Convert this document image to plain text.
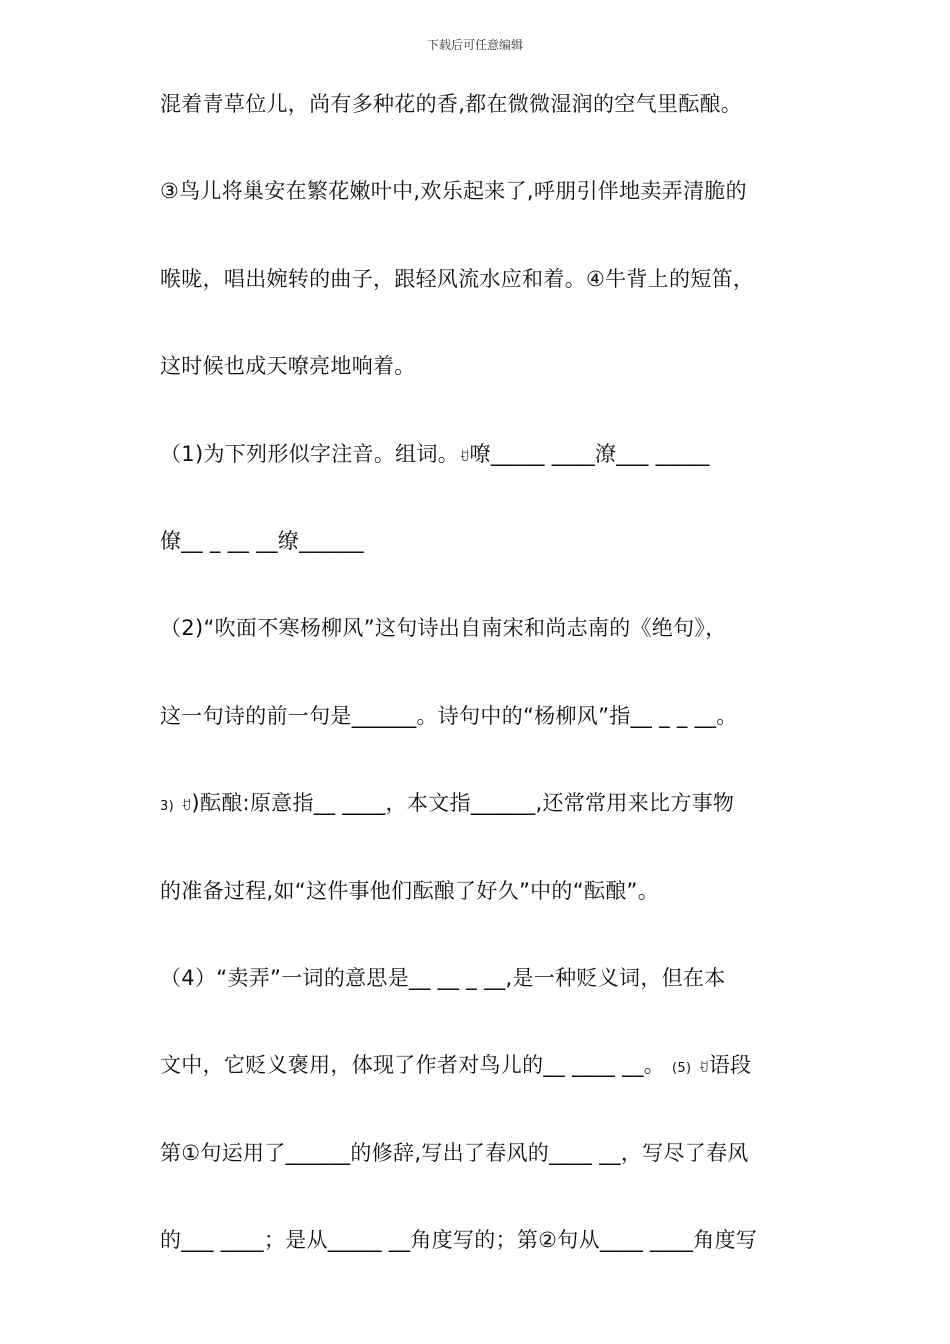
下载后可任意编辑
混着青草位儿，尚有多种花的香,都在微微湿润的空气里酝酿。
③鸟儿将巢安在繁花嫩叶中,欢乐起来了,呼朋引伴地卖弄清脆的
喉咙，唱出婉转的曲子，跟轻风流水应和着。④牛背上的短笛，
这时候也成天嘹亮地响着。
（1)为下列形似字注音。组词。ꀀ嘹_____ ____潦___ _____
僚__ _ __ __缭______
（2)“吹面不寒杨柳风”这句诗出自南宋和尚志南的《绝句》，
这一句诗的前一句是______。诗句中的“杨柳风”指__ _ _ __。
3) ꀀ)酝酿:原意指__ ____，本文指______,还常常用来比方事物
的准备过程,如“这件事他们酝酿了好久”中的“酝酿”。
（4）“卖弄”一词的意思是__ __ _ __,是一种贬义词，但在本
文中，它贬义褒用，体现了作者对鸟儿的__ ____ __。 (5) ꀀ语段
第①句运用了______的修辞,写出了春风的____ __，写尽了春风
的___ ____；是从_____ __角度写的；第②句从____ ____角度写
